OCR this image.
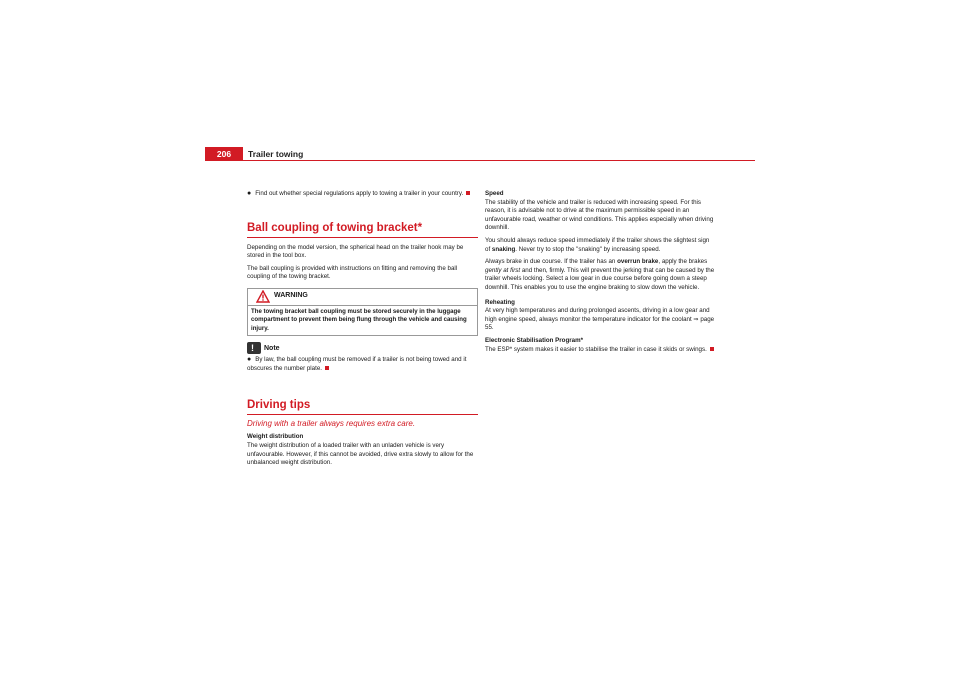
206	Trailer towing

● Find out whether special regulations apply to towing a trailer in your country.

Ball coupling of towing bracket*

Depending on the model version, the spherical head on the trailer hook may be stored in the tool box.

The ball coupling is provided with instructions on fitting and removing the ball coupling of the towing bracket.

WARNING
The towing bracket ball coupling must be stored securely in the luggage compartment to prevent them being flung through the vehicle and causing injury.
! Note

● By law, the ball coupling must be removed if a trailer is not being towed and it obscures the number plate.

Driving tips
Driving with a trailer always requires extra care.

Weight distribution

The weight distribution of a loaded trailer with an unladen vehicle is very unfavourable. However, if this cannot be avoided, drive extra slowly to allow for the unbalanced weight distribution.

Speed

The stability of the vehicle and trailer is reduced with increasing speed. For this reason, it is advisable not to drive at the maximum permissible speed in an unfavourable road, weather or wind conditions. This applies especially when driving downhill.

You should always reduce speed immediately if the trailer shows the slightest sign of snaking. Never try to stop the "snaking" by increasing speed.

Always brake in due course. If the trailer has an overrun brake, apply the brakes gently at first and then, firmly. This will prevent the jerking that can be caused by the trailer wheels locking. Select a low gear in due course before going down a steep downhill. This enables you to use the engine braking to slow down the vehicle.

Reheating

At very high temperatures and during prolonged ascents, driving in a low gear and high engine speed, always monitor the temperature indicator for the coolant ⇒ page 55.

Electronic Stabilisation Program*

The ESP* system makes it easier to stabilise the trailer in case it skids or swings.
